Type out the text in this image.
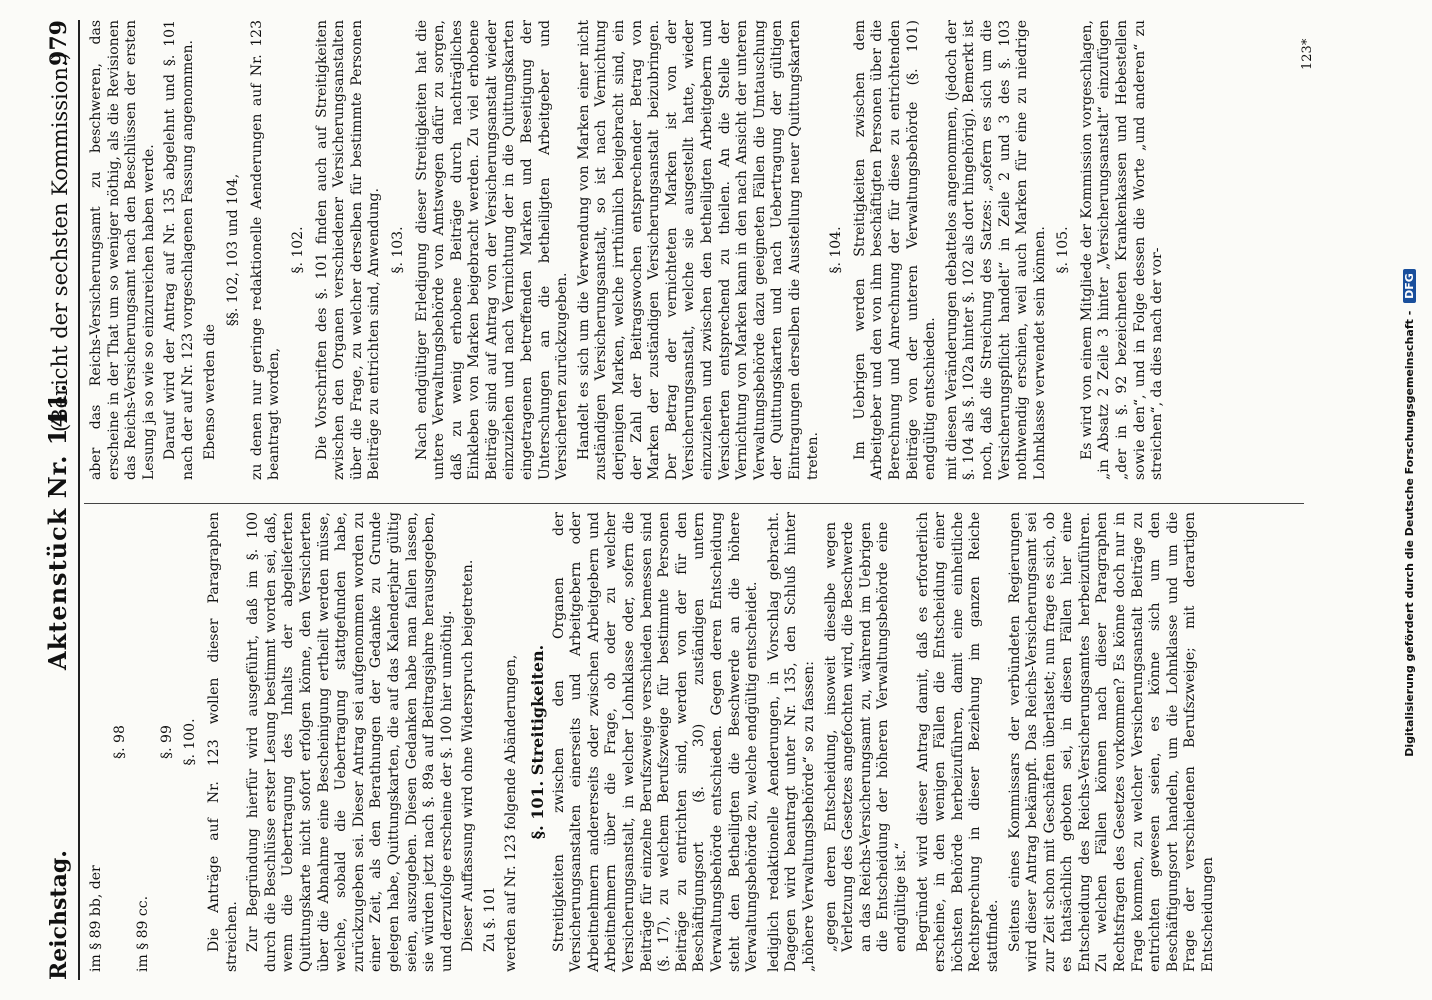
Reichstag.
Aktenstück Nr. 141.
(Bericht der sechsten Kommission.)
979

im § 89 bb, der

§. 98

im § 89 cc.

§. 99 §. 100. Die Anträge auf Nr. 123 wollen dieser Paragraphen streichen. Zur Begründung hierfür wird ausgeführt, daß im §. 100 durch die Beschlüsse erster Lesung bestimmt worden sei, daß, wenn die Uebertragung des Inhalts der abgelieferten Quittungskarte nicht sofort erfolgen könne, den Versicherten über die Abnahme eine Bescheinigung ertheilt werden müsse, welche, sobald die Uebertragung stattgefunden habe, zurückzugeben sei. Dieser Antrag sei aufgenommen worden zu einer Zeit, als den Berathungen der Gedanke zu Grunde gelegen habe, Quittungskarten, die auf das Kalenderjahr gültig seien, auszugeben. Diesen Gedanken habe man fallen lassen, sie würden jetzt nach §. 89a auf Beitragsjahre herausgegeben, und derzufolge erscheine der §. 100 hier unnöthig. Dieser Auffassung wird ohne Widerspruch beigetreten. Zu §. 101 werden auf Nr. 123 folgende Abänderungen, §. 101. Streitigkeiten. Streitigkeiten zwischen den Organen der Versicherungsanstalten einerseits und Arbeitgebern oder Arbeitnehmern andererseits oder zwischen Arbeitgebern und Arbeitnehmern über die Frage, ob oder zu welcher Versicherungsanstalt, in welcher Lohnklasse oder, sofern die Beiträge für einzelne Berufszweige verschieden bemessen sind (§. 17), zu welchem Berufszweige für bestimmte Personen Beiträge zu entrichten sind, werden von der für den Beschäftigungsort (§. 30) zuständigen untern Verwaltungsbehörde entschieden. Gegen deren Entscheidung steht den Betheiligten die Beschwerde an die höhere Verwaltungsbehörde zu, welche endgültig entscheidet. lediglich redaktionelle Aenderungen, in Vorschlag gebracht. Dagegen wird beantragt unter Nr. 135, den Schluß hinter „höhere Verwaltungsbehörde“ so zu fassen: „gegen deren Entscheidung, insoweit dieselbe wegen Verletzung des Gesetzes angefochten wird, die Beschwerde an das Reichs-Versicherungsamt zu, während im Uebrigen die Entscheidung der höheren Verwaltungsbehörde eine endgültige ist.“ Begründet wird dieser Antrag damit, daß es erforderlich erscheine, in den wenigen Fällen die Entscheidung einer höchsten Behörde herbeizuführen, damit eine einheitliche Rechtsprechung in dieser Beziehung im ganzen Reiche stattfinde. Seitens eines Kommissars der verbündeten Regierungen wird dieser Antrag bekämpft. Das Reichs-Versicherungsamt sei zur Zeit schon mit Geschäften überlastet; nun frage es sich, ob es thatsächlich geboten sei, in diesen Fällen hier eine Entscheidung des Reichs-Versicherungsamtes herbeizuführen. Zu welchen Fällen können nach dieser Paragraphen Rechtsfragen des Gesetzes vorkommen? Es könne doch nur in Frage kommen, zu welcher Versicherungsanstalt Beiträge zu entrichten gewesen seien, es könne sich um den Beschäftigungsort handeln, um die Lohnklasse und um die Frage der verschiedenen Berufszweige; mit derartigen Entscheidungen

aber das Reichs-Versicherungsamt zu beschweren, das erscheine in der That um so weniger nöthig, als die Revisionen das Reichs-Versicherungsamt nach den Beschlüssen der ersten Lesung ja so wie so einzureichen haben werde. Darauf wird der Antrag auf Nr. 135 abgelehnt und §. 101 nach der auf Nr. 123 vorgeschlagenen Fassung angenommen. Ebenso werden die

§§. 102, 103 und 104, zu denen nur geringe redaktionelle Aenderungen auf Nr. 123 beantragt worden,

§. 102. Die Vorschriften des §. 101 finden auch auf Streitigkeiten zwischen den Organen verschiedener Versicherungsanstalten über die Frage, zu welcher derselben für bestimmte Personen Beiträge zu entrichten sind, Anwendung. §. 103. Nach endgültiger Erledigung dieser Streitigkeiten hat die untere Verwaltungsbehörde von Amtswegen dafür zu sorgen, daß zu wenig erhobene Beiträge durch nachträgliches Einkleben von Marken beigebracht werden. Zu viel erhobene Beiträge sind auf Antrag von der Versicherungsanstalt wieder einzuziehen und nach Vernichtung der in die Quittungskarten eingetragenen betreffenden Marken und Beseitigung der Unterschungen an die betheiligten Arbeitgeber und Versicherten zurückzugeben. Handelt es sich um die Verwendung von Marken einer nicht zuständigen Versicherungsanstalt, so ist nach Vernichtung derjenigen Marken, welche irrthümlich beigebracht sind, ein der Zahl der Beitragswochen entsprechender Betrag von Marken der zuständigen Versicherungsanstalt beizubringen. Der Betrag der vernichteten Marken ist von der Versicherungsanstalt, welche sie ausgestellt hatte, wieder einzuziehen und zwischen den betheiligten Arbeitgebern und Versicherten entsprechend zu theilen. An die Stelle der Vernichtung von Marken kann in den nach Ansicht der unteren Verwaltungsbehörde dazu geeigneten Fällen die Umtauschung der Quittungskarten und nach Uebertragung der gültigen Eintragungen derselben die Ausstellung neuer Quittungskarten treten.

§. 104. Im Uebrigen werden Streitigkeiten zwischen dem Arbeitgeber und den von ihm beschäftigten Personen über die Berechnung und Anrechnung der für diese zu entrichtenden Beiträge von der unteren Verwaltungsbehörde (§. 101) endgültig entschieden. mit diesen Veränderungen debattelos angenommen, (jedoch der §. 104 als §. 102a hinter §. 102 als dort hingehörig). Bemerkt ist noch, daß die Streichung des Satzes: „sofern es sich um die Versicherungspflicht handelt“ in Zeile 2 und 3 des §. 103 nothwendig erschien, weil auch Marken für eine zu niedrige Lohnklasse verwendet sein können. §. 105. Es wird von einem Mitgliede der Kommission vorgeschlagen, „in Absatz 2 Zeile 3 hinter „Versicherungsanstalt“ einzufügen „der in §. 92 bezeichneten Krankenkassen und Hebestellen sowie den“, und in Folge dessen die Worte „und anderen“ zu streichen“, da dies nach der vor-

123*
Digitalisierung gefördert durch die Deutsche Forschungsgemeinschaft - DFG
